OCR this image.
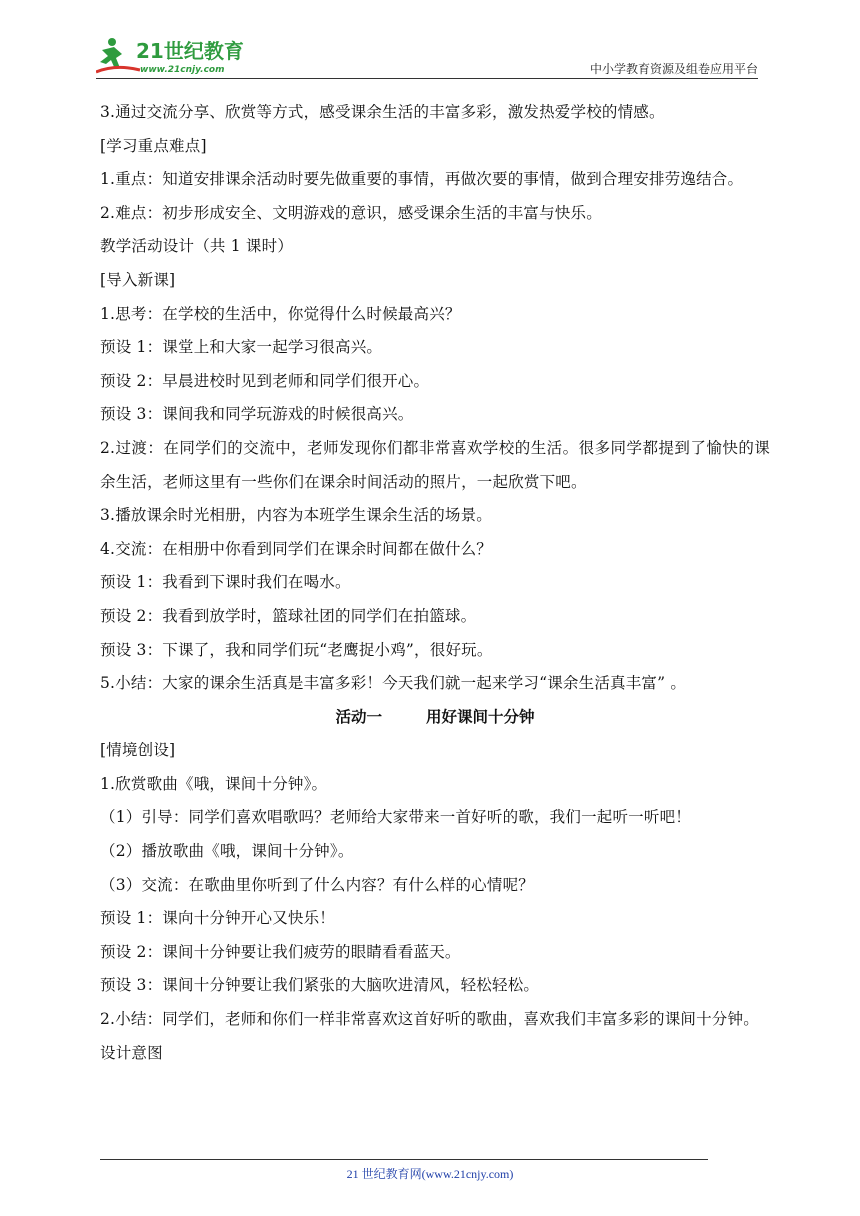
21世纪教育
www.21cnjy.com	中小学教育资源及组卷应用平台

3.通过交流分享、欣赏等方式，感受课余生活的丰富多彩，激发热爱学校的情感。

[学习重点难点]

1.重点：知道安排课余活动时要先做重要的事情，再做次要的事情，做到合理安排劳逸结合。

2.难点：初步形成安全、文明游戏的意识，感受课余生活的丰富与快乐。

教学活动设计（共 1 课时）

[导入新课]

1.思考：在学校的生活中，你觉得什么时候最高兴？

预设 1：课堂上和大家一起学习很高兴。

预设 2：早晨进校时见到老师和同学们很开心。

预设 3：课间我和同学玩游戏的时候很高兴。

2.过渡：在同学们的交流中，老师发现你们都非常喜欢学校的生活。很多同学都提到了愉快的课余生活，老师这里有一些你们在课余时间活动的照片，一起欣赏下吧。

3.播放课余时光相册，内容为本班学生课余生活的场景。

4.交流：在相册中你看到同学们在课余时间都在做什么？

预设 1：我看到下课时我们在喝水。

预设 2：我看到放学时，篮球社团的同学们在拍篮球。

预设 3：下课了，我和同学们玩“老鹰捉小鸡”，很好玩。

5.小结：大家的课余生活真是丰富多彩！今天我们就一起来学习“课余生活真丰富” 。

活动一	用好课间十分钟

[情境创设]

1.欣赏歌曲《哦，课间十分钟》。

（1）引导：同学们喜欢唱歌吗？老师给大家带来一首好听的歌，我们一起听一听吧！

（2）播放歌曲《哦，课间十分钟》。

（3）交流：在歌曲里你听到了什么内容？有什么样的心情呢？

预设 1：课向十分钟开心又快乐！

预设 2：课间十分钟要让我们疲劳的眼睛看看蓝天。

预设 3：课间十分钟要让我们紧张的大脑吹进清风，轻松轻松。

2.小结：同学们，老师和你们一样非常喜欢这首好听的歌曲，喜欢我们丰富多彩的课间十分钟。

设计意图

21 世纪教育网(www.21cnjy.com)
